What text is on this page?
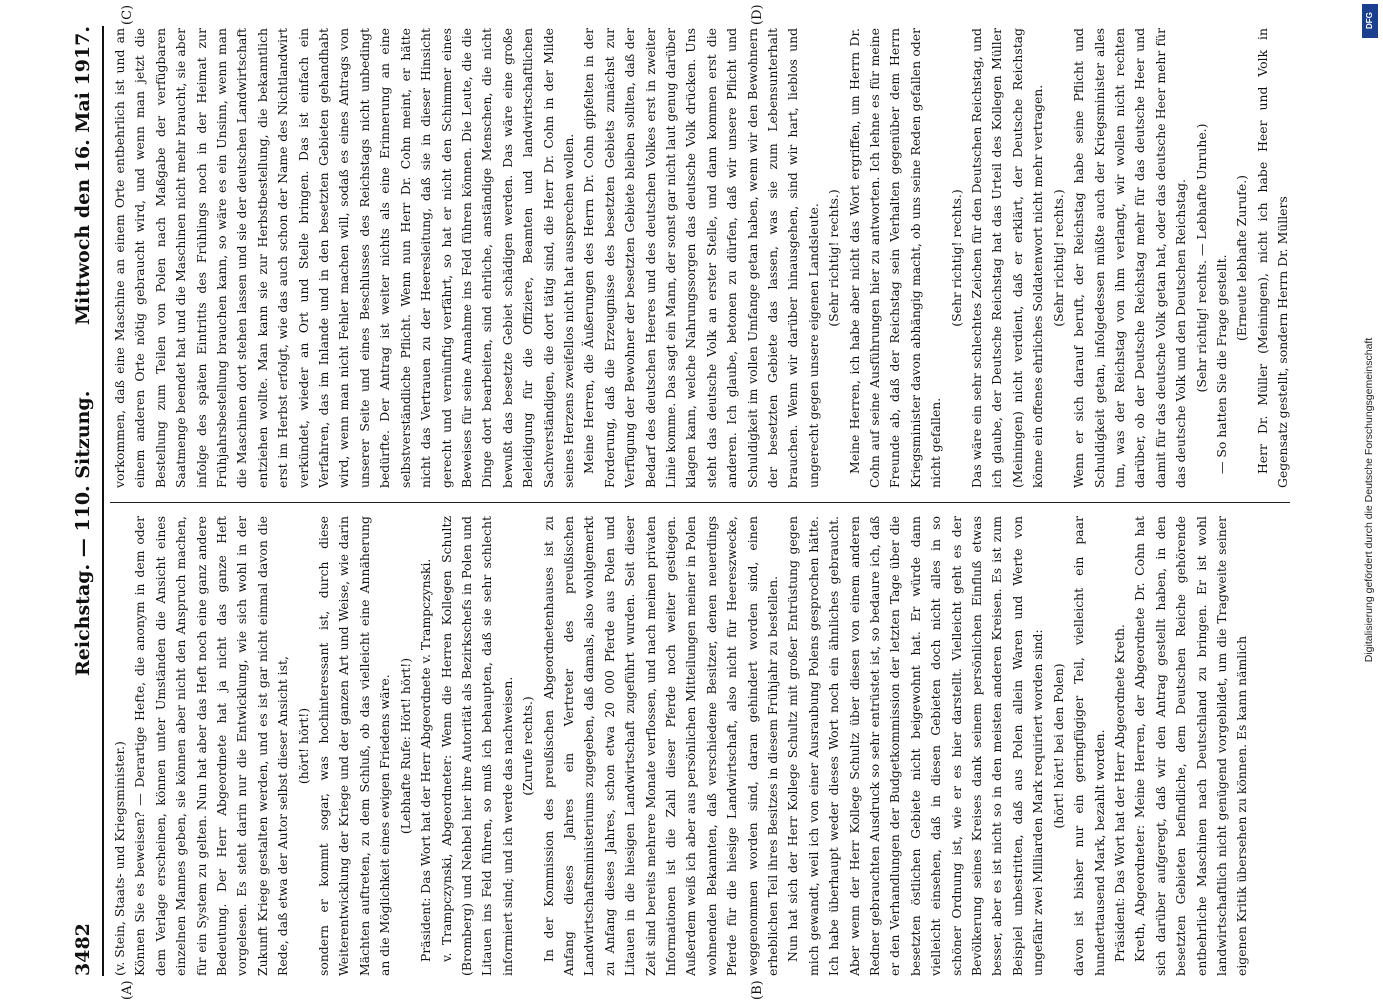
3482
Reichstag. — 110. Sitzung.
Mittwoch den 16. Mai 1917.
(A)	(B)
(C)	(D)

(v. Stein, Staats- und Kriegsminister.) Können Sie es beweisen? — Derartige Hefte, die anonym in dem oder dem Verlage erscheinen, können unter Umständen die Ansicht eines einzelnen Mannes geben, sie können aber nicht den Anspruch machen, für ein System zu gelten. Nun hat aber das Heft noch eine ganz andere Bedeutung. Der Herr Abgeordnete hat ja nicht das ganze Heft vorgelesen. Es steht darin nur die Entwicklung, wie sich wohl in der Zukunft Kriege gestalten werden, und es ist gar nicht einmal davon die Rede, daß etwa der Autor selbst dieser Ansicht ist, (hört! hört!) sondern er kommt sogar, was hochinteressant ist, durch diese Weiterentwicklung der Kriege und der ganzen Art und Weise, wie darin Mächten auftreten, zu dem Schluß, ob das vielleicht eine Annäherung an die Möglichkeit eines ewigen Friedens wäre. (Lebhafte Rufe: Hört! hört!) Präsident: Das Wort hat der Herr Abgeordnete v. Trampczynski. v. Trampczynski, Abgeordneter: Wenn die Herren Kollegen Schultz (Bromberg) und Nehbel hier ihre Autorität als Bezirkschefs in Polen und Litauen ins Feld führen, so muß ich behaupten, daß sie sehr schlecht informiert sind; und ich werde das nachweisen. (Zurufe rechts.) In der Kommission des preußischen Abgeordnetenhauses ist zu Anfang dieses Jahres ein Vertreter des preußischen Landwirtschaftsministeriums zugegeben, daß damals, also wohlgemerkt zu Anfang dieses Jahres, schon etwa 20 000 Pferde aus Polen und Litauen in die hiesigen Landwirtschaft zugeführt wurden. Seit dieser Zeit sind bereits mehrere Monate verflossen, und nach meinen privaten Informationen ist die Zahl dieser Pferde noch weiter gestiegen. Außerdem weiß ich aber aus persönlichen Mitteilungen meiner in Polen wohnenden Bekannten, daß verschiedene Besitzer, denen neuerdings Pferde für die hiesige Landwirtschaft, also nicht für Heereszwecke, weggenommen worden sind, daran gehindert worden sind, einen erheblichen Teil ihres Besitzes in diesem Frühjahr zu bestellen. Nun hat sich der Herr Kollege Schultz mit großer Entrüstung gegen mich gewandt, weil ich von einer Ausraubung Polens gesprochen hätte. Ich habe überhaupt weder dieses Wort noch ein ähnliches gebraucht. Aber wenn der Herr Kollege Schultz über diesen von einem anderen Redner gebrauchten Ausdruck so sehr entrüstet ist, so bedaure ich, daß er den Verhandlungen der Budgetkommission der letzten Tage über die besetzten östlichen Gebiete nicht beigewohnt hat. Er würde dann vielleicht einsehen, daß in diesen Gebieten doch nicht alles in so schöner Ordnung ist, wie er es hier darstellt. Vielleicht geht es der Bevölkerung seines Kreises dank seinem persönlichen Einfluß etwas besser, aber es ist nicht so in den meisten anderen Kreisen. Es ist zum Beispiel unbestritten, daß aus Polen allein Waren und Werte von ungefähr zwei Milliarden Mark requiriert worden sind: (hört! hört! bei den Polen) davon ist bisher nur ein geringfügiger Teil, vielleicht ein paar hunderttausend Mark, bezahlt worden. Präsident: Das Wort hat der Herr Abgeordnete Kreth. Kreth, Abgeordneter: Meine Herren, der Abgeordnete Dr. Cohn hat sich darüber aufgeregt, daß wir den Antrag gestellt haben, in den besetzten Gebieten befindliche, dem Deutschen Reiche gehörende entbehrliche Maschinen nach Deutschland zu bringen. Er ist wohl landwirtschaftlich nicht genügend vorgebildet, um die Tragweite seiner eigenen Kritik übersehen zu können. Es kann nämlich

vorkommen, daß eine Maschine an einem Orte entbehrlich ist und an einem anderen Orte nötig gebraucht wird, und wenn man jetzt die Bestellung zum Teilen von Polen nach Maßgabe der verfügbaren Saatmenge beendet hat und die Maschinen nicht mehr braucht, sie aber infolge des späten Eintritts des Frühlings noch in der Heimat zur Frühjahrsbestellung brauchen kann, so wäre es ein Unsinn, wenn man die Maschinen dort stehen lassen und sie der deutschen Landwirtschaft entziehen wollte. Man kann sie zur Herbstbestellung, die bekanntlich erst im Herbst erfolgt, wie das auch schon der Name des Nichtlandwirt verkündet, wieder an Ort und Stelle bringen. Das ist einfach ein Verfahren, das im Inlande und in den besetzten Gebieten gehandhabt wird, wenn man nicht Fehler machen will, sodaß es eines Antrags von unserer Seite und eines Beschlusses des Reichstags nicht unbedingt bedürfte. Der Antrag ist weiter nichts als eine Erinnerung an eine selbstverständliche Pflicht. Wenn nun Herr Dr. Cohn meint, er hätte nicht das Vertrauen zu der Heeresleitung, daß sie in dieser Hinsicht gerecht und vernünftig verfährt, so hat er nicht den Schimmer eines Beweises für seine Annahme ins Feld führen können. Die Leute, die die Dinge dort bearbeiten, sind ehrliche, anständige Menschen, die nicht bewußt das besetzte Gebiet schädigen werden. Das wäre eine große Beleidigung für die Offiziere, Beamten und landwirtschaftlichen Sachverständigen, die dort tätig sind, die Herr Dr. Cohn in der Milde seines Herzens zweifellos nicht hat aussprechen wollen. Meine Herren, die Äußerungen des Herrn Dr. Cohn gipfelten in der Forderung, daß die Erzeugnisse des besetzten Gebiets zunächst zur Verfügung der Bewohner der besetzten Gebiete bleiben sollten, daß der Bedarf des deutschen Heeres und des deutschen Volkes erst in zweiter Linie komme. Das sagt ein Mann, der sonst gar nicht laut genug darüber klagen kann, welche Nahrungssorgen das deutsche Volk drücken. Uns steht das deutsche Volk an erster Stelle, und dann kommen erst die anderen. Ich glaube, betonen zu dürfen, daß wir unsere Pflicht und Schuldigkeit im vollen Umfange getan haben, wenn wir den Bewohnern der besetzten Gebiete das lassen, was sie zum Lebensunterhalt brauchen. Wenn wir darüber hinausgehen, sind wir hart, lieblos und ungerecht gegen unsere eigenen Landsleute. (Sehr richtig! rechts.) Meine Herren, ich habe aber nicht das Wort ergriffen, um Herrn Dr. Cohn auf seine Ausführungen hier zu antworten. Ich lehne es für meine Freunde ab, daß der Reichstag sein Verhalten gegenüber dem Herrn Kriegsminister davon abhängig macht, ob uns seine Reden gefallen oder nicht gefallen.

(Sehr richtig! rechts.) Das wäre ein sehr schlechtes Zeichen für den Deutschen Reichstag, und ich glaube, der Deutsche Reichstag hat das Urteil des Kollegen Müller (Meiningen) nicht verdient, daß er erklärt, der Deutsche Reichstag könne ein offenes ehrliches Soldatenwort nicht mehr vertragen. (Sehr richtig! rechts.) Wenn er sich darauf beruft, der Reichstag habe seine Pflicht und Schuldigkeit getan, infolgedessen müßte auch der Kriegsminister alles tun, was der Reichstag von ihm verlangt, wir wollen nicht rechten darüber, ob der Deutsche Reichstag mehr für das deutsche Heer und damit für das deutsche Volk getan hat, oder das deutsche Heer mehr für das deutsche Volk und den Deutschen Reichstag. (Sehr richtig! rechts. — Lebhafte Unruhe.) — So hatten Sie die Frage gestellt. (Erneute lebhafte Zurufe.) Herr Dr. Müller (Meiningen), nicht ich habe Heer und Volk in Gegensatz gestellt, sondern Herrn Dr. Müllers

DFG
Digitalisierung gefördert durch die Deutsche Forschungsgemeinschaft
